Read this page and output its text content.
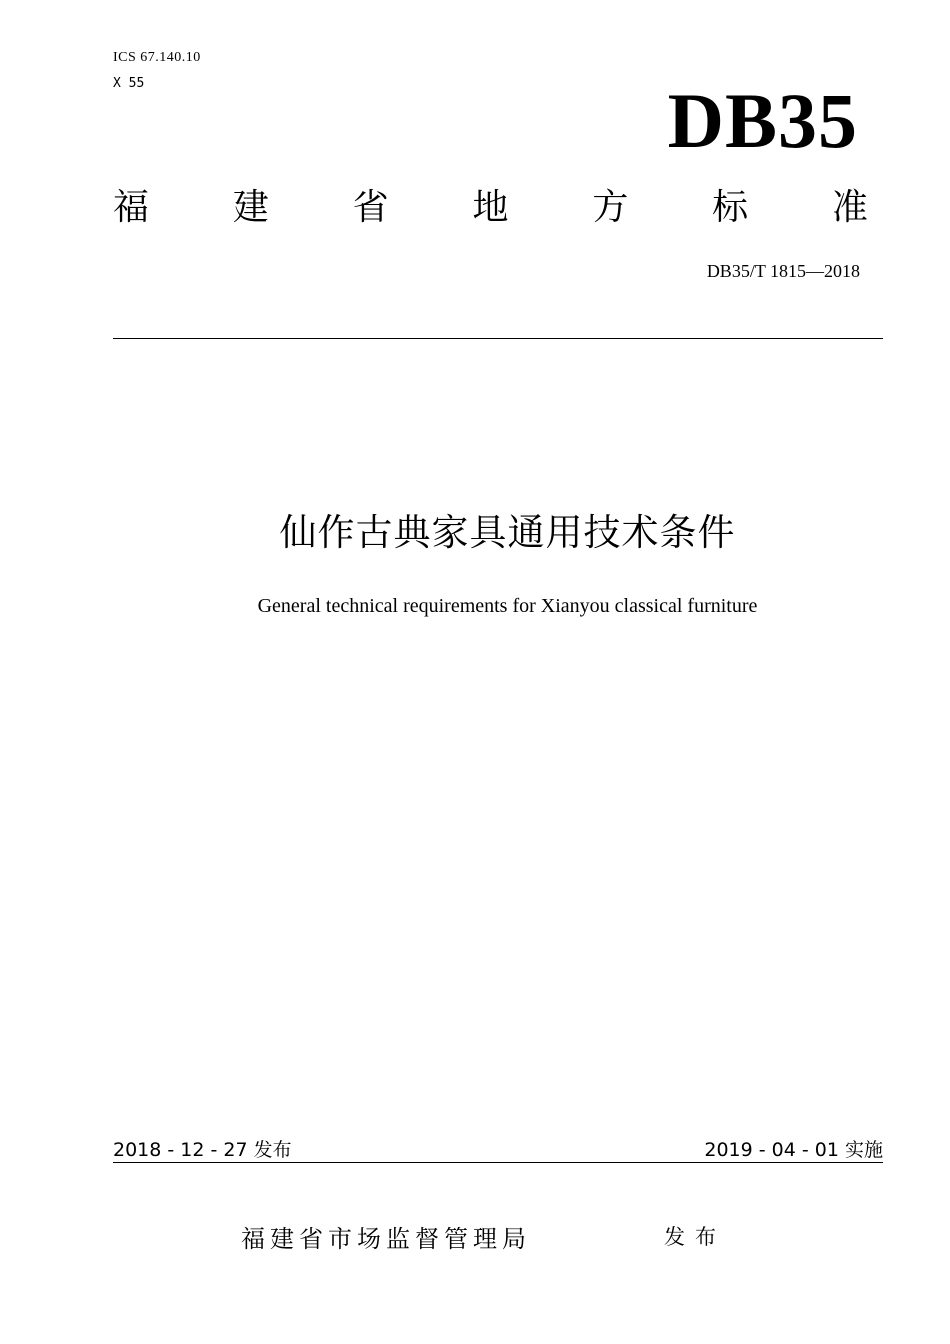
ICS 67.140.10
X 55	DB35
福 建 省 地 方 标 准
DB35/T 1815—2018
仙作古典家具通用技术条件
General technical requirements for Xianyou classical furniture
2018 - 12 - 27 发布	2019 - 04 - 01 实施
福建省市场监督管理局	发布
